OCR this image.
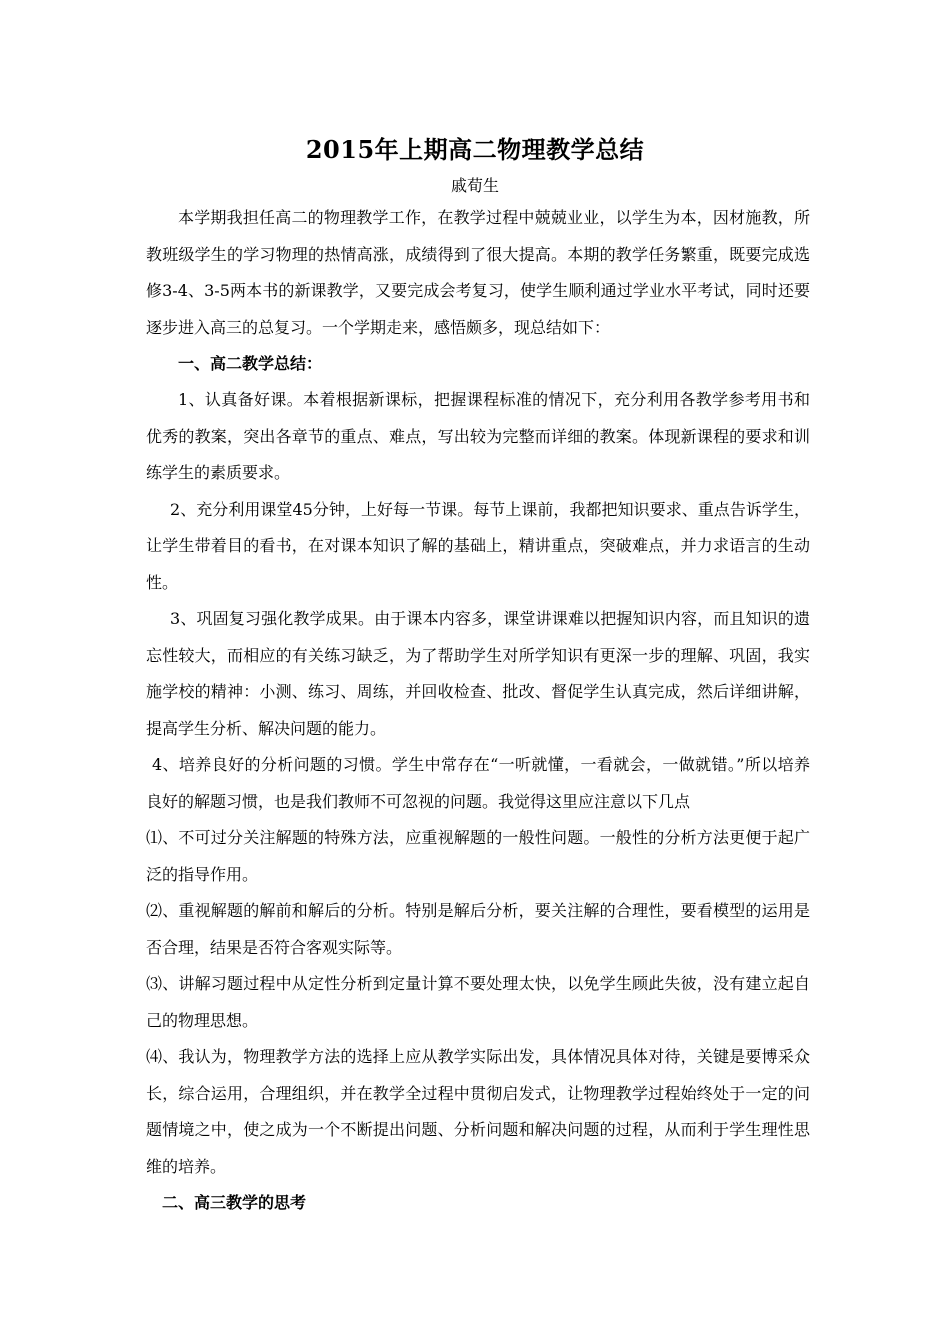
2015年上期高二物理教学总结
戚荀生

本学期我担任高二的物理教学工作，在教学过程中兢兢业业，以学生为本，因材施教，所教班级学生的学习物理的热情高涨，成绩得到了很大提高。本期的教学任务繁重，既要完成选修3-4、3-5两本书的新课教学，又要完成会考复习，使学生顺利通过学业水平考试，同时还要逐步进入高三的总复习。一个学期走来，感悟颇多，现总结如下：

一、高二教学总结：

1、认真备好课。本着根据新课标，把握课程标准的情况下，充分利用各教学参考用书和优秀的教案，突出各章节的重点、难点，写出较为完整而详细的教案。体现新课程的要求和训练学生的素质要求。

2、充分利用课堂45分钟，上好每一节课。每节上课前，我都把知识要求、重点告诉学生，让学生带着目的看书，在对课本知识了解的基础上，精讲重点，突破难点，并力求语言的生动性。

3、巩固复习强化教学成果。由于课本内容多，课堂讲课难以把握知识内容，而且知识的遗忘性较大，而相应的有关练习缺乏，为了帮助学生对所学知识有更深一步的理解、巩固，我实施学校的精神：小测、练习、周练，并回收检查、批改、督促学生认真完成，然后详细讲解，提高学生分析、解决问题的能力。

4、培养良好的分析问题的习惯。学生中常存在“一听就懂，一看就会，一做就错。”所以培养良好的解题习惯，也是我们教师不可忽视的问题。我觉得这里应注意以下几点

⑴、不可过分关注解题的特殊方法，应重视解题的一般性问题。一般性的分析方法更便于起广泛的指导作用。

⑵、重视解题的解前和解后的分析。特别是解后分析，要关注解的合理性，要看模型的运用是否合理，结果是否符合客观实际等。

⑶、讲解习题过程中从定性分析到定量计算不要处理太快，以免学生顾此失彼，没有建立起自己的物理思想。

⑷、我认为，物理教学方法的选择上应从教学实际出发，具体情况具体对待，关键是要博采众长，综合运用，合理组织，并在教学全过程中贯彻启发式，让物理教学过程始终处于一定的问题情境之中，使之成为一个不断提出问题、分析问题和解决问题的过程，从而利于学生理性思维的培养。

二、高三教学的思考
